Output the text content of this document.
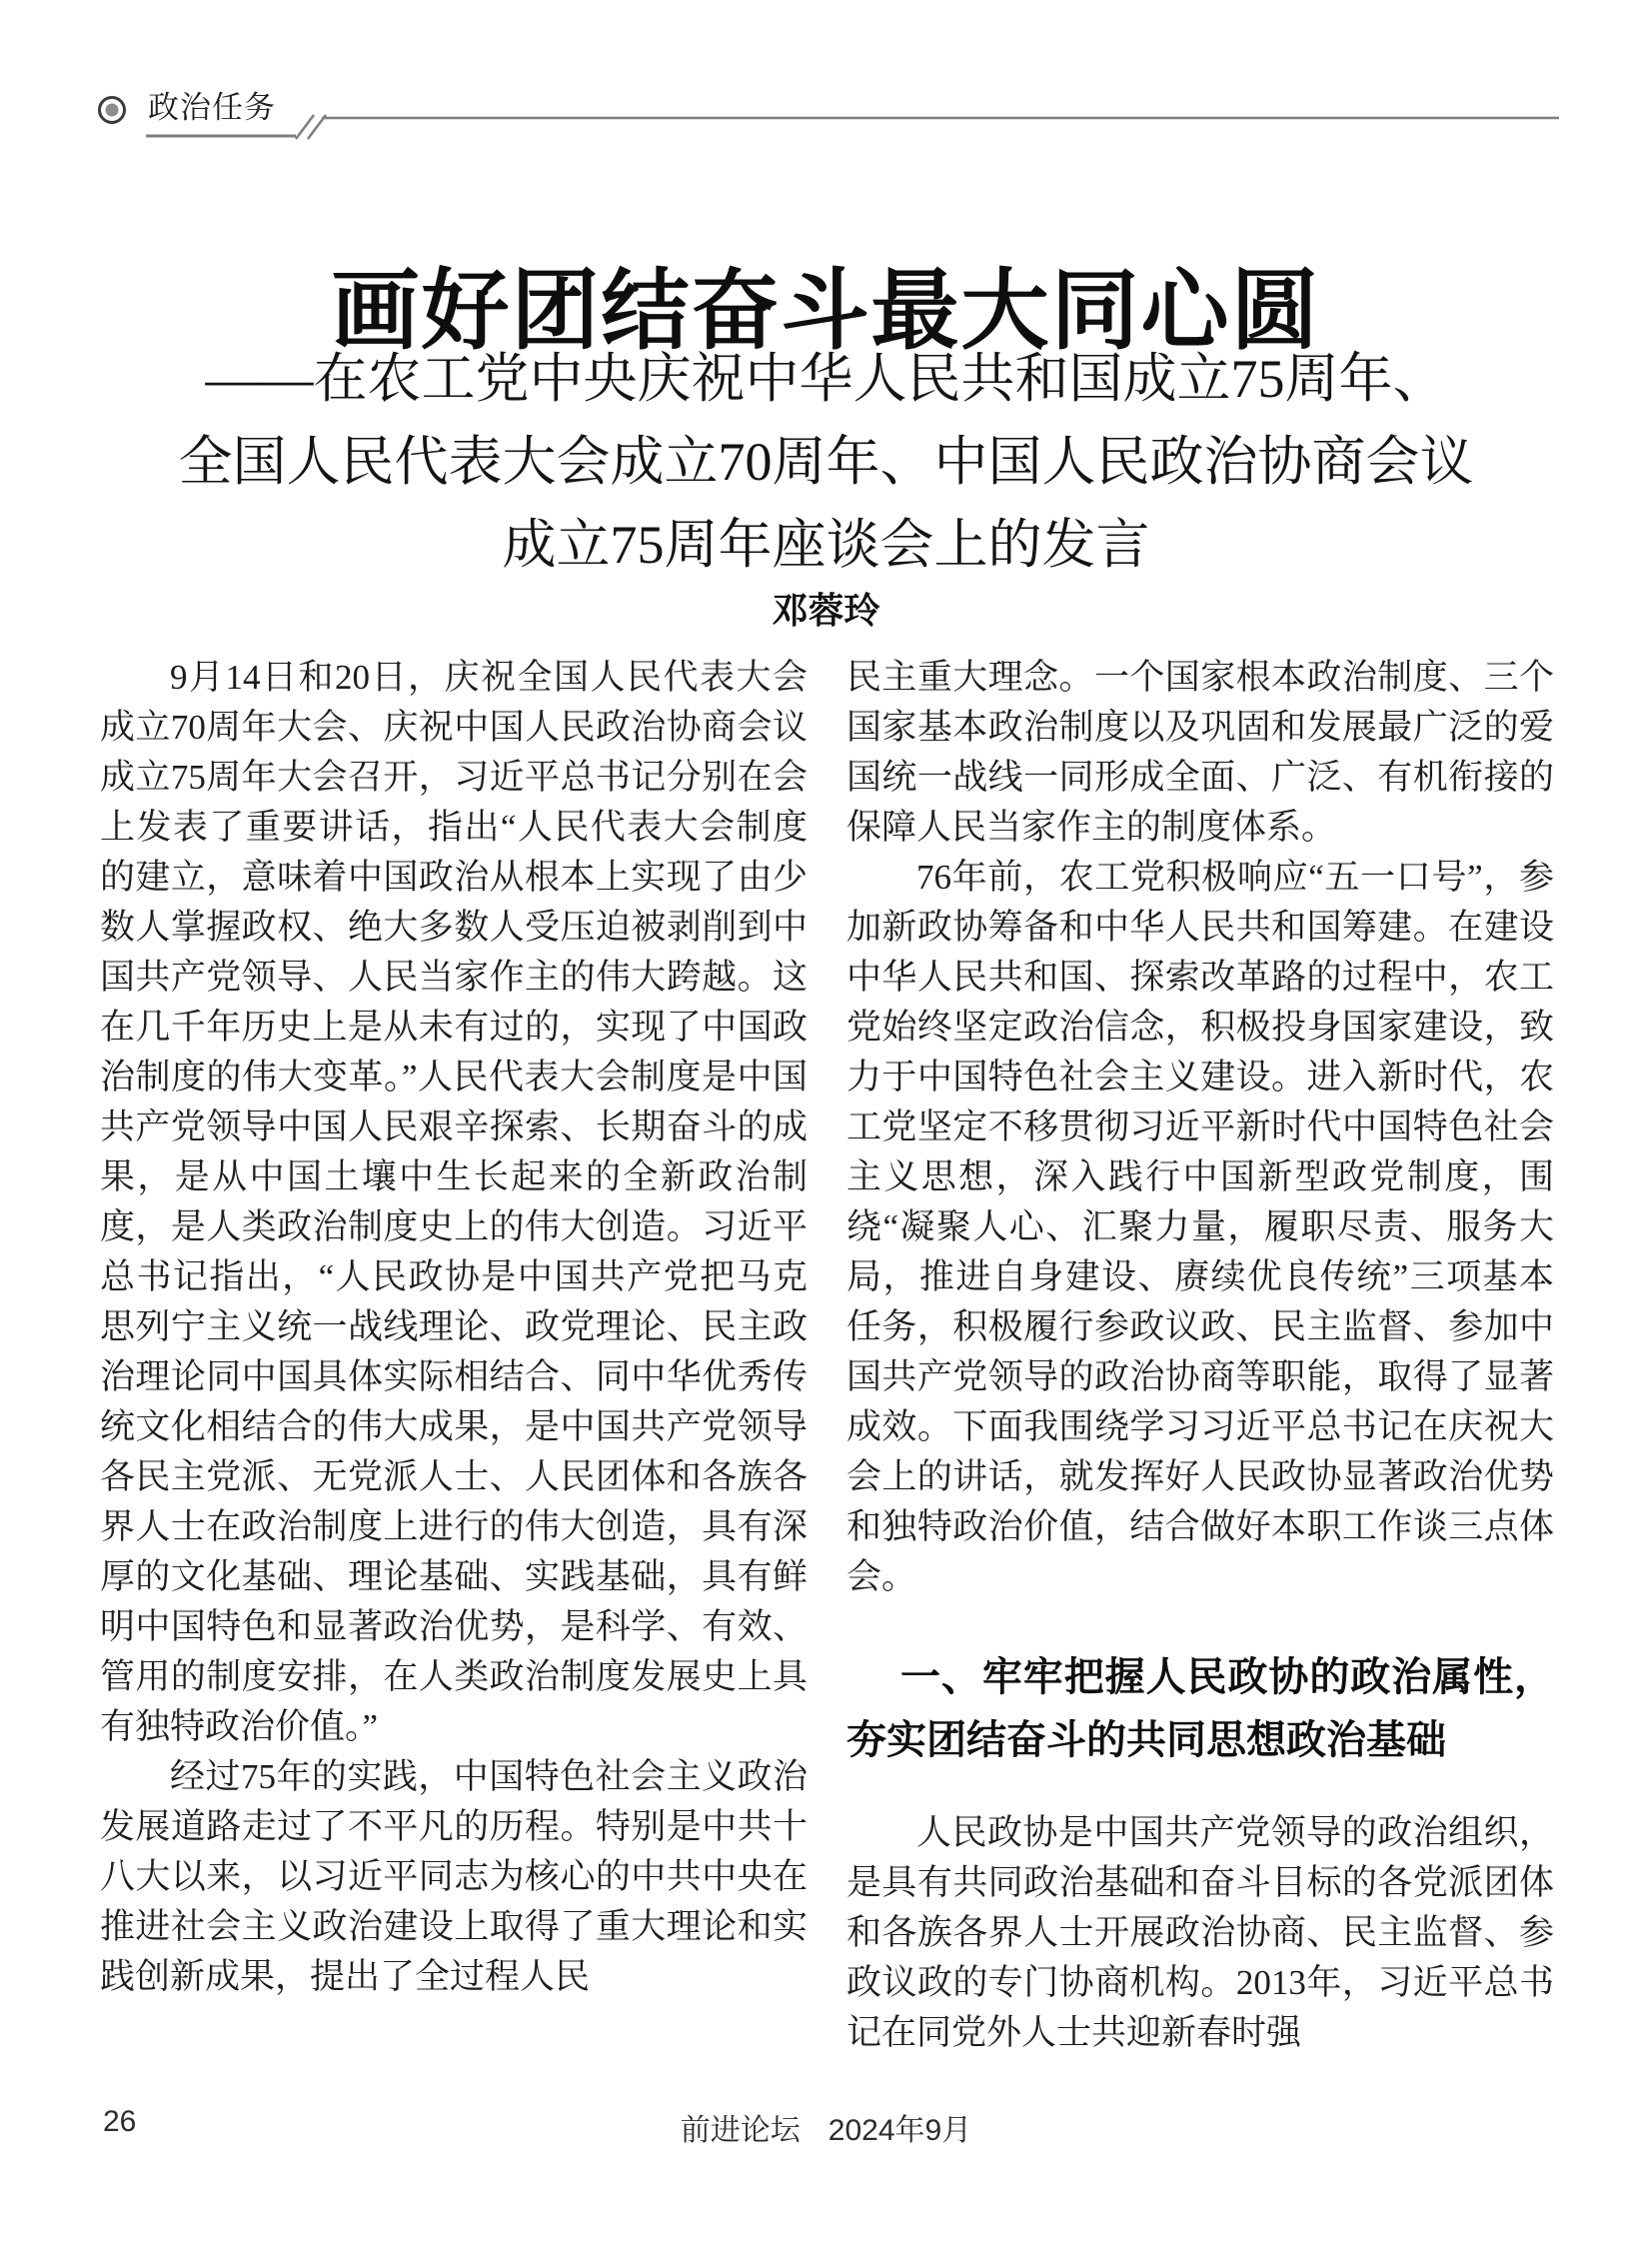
政治任务
画好团结奋斗最大同心圆
——在农工党中央庆祝中华人民共和国成立75周年、
全国人民代表大会成立70周年、中国人民政治协商会议
成立75周年座谈会上的发言
邓蓉玲

9月14日和20日，庆祝全国人民代表大会成立70周年大会、庆祝中国人民政治协商会议成立75周年大会召开，习近平总书记分别在会上发表了重要讲话，指出“人民代表大会制度的建立，意味着中国政治从根本上实现了由少数人掌握政权、绝大多数人受压迫被剥削到中国共产党领导、人民当家作主的伟大跨越。这在几千年历史上是从未有过的，实现了中国政治制度的伟大变革。”人民代表大会制度是中国共产党领导中国人民艰辛探索、长期奋斗的成果，是从中国土壤中生长起来的全新政治制度，是人类政治制度史上的伟大创造。习近平总书记指出，“人民政协是中国共产党把马克思列宁主义统一战线理论、政党理论、民主政治理论同中国具体实际相结合、同中华优秀传统文化相结合的伟大成果，是中国共产党领导各民主党派、无党派人士、人民团体和各族各界人士在政治制度上进行的伟大创造，具有深厚的文化基础、理论基础、实践基础，具有鲜明中国特色和显著政治优势，是科学、有效、管用的制度安排，在人类政治制度发展史上具有独特政治价值。”

经过75年的实践，中国特色社会主义政治发展道路走过了不平凡的历程。特别是中共十八大以来，以习近平同志为核心的中共中央在推进社会主义政治建设上取得了重大理论和实践创新成果，提出了全过程人民

民主重大理念。一个国家根本政治制度、三个国家基本政治制度以及巩固和发展最广泛的爱国统一战线一同形成全面、广泛、有机衔接的保障人民当家作主的制度体系。

76年前，农工党积极响应“五一口号”，参加新政协筹备和中华人民共和国筹建。在建设中华人民共和国、探索改革路的过程中，农工党始终坚定政治信念，积极投身国家建设，致力于中国特色社会主义建设。进入新时代，农工党坚定不移贯彻习近平新时代中国特色社会主义思想，深入践行中国新型政党制度，围绕“凝聚人心、汇聚力量，履职尽责、服务大局，推进自身建设、赓续优良传统”三项基本任务，积极履行参政议政、民主监督、参加中国共产党领导的政治协商等职能，取得了显著成效。下面我围绕学习习近平总书记在庆祝大会上的讲话，就发挥好人民政协显著政治优势和独特政治价值，结合做好本职工作谈三点体会。

一、牢牢把握人民政协的政治属性，夯实团结奋斗的共同思想政治基础

人民政协是中国共产党领导的政治组织，是具有共同政治基础和奋斗目标的各党派团体和各族各界人士开展政治协商、民主监督、参政议政的专门协商机构。2013年，习近平总书记在同党外人士共迎新春时强

26	前进论坛 2024年9月
